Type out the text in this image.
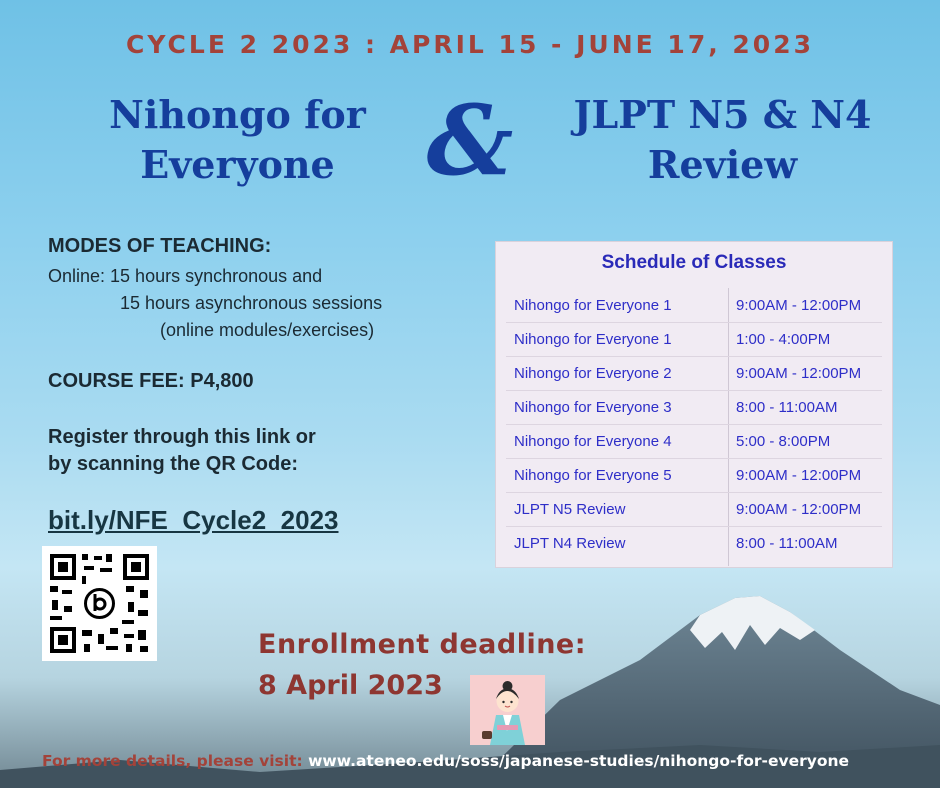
CYCLE 2 2023 : APRIL 15 - JUNE 17, 2023
Nihongo for
Everyone &	JLPT N5 & N4
Review
MODES OF TEACHING:
Online: 15 hours synchronous and
15 hours asynchronous sessions
(online modules/exercises)
COURSE FEE: P4,800
Register through this link or
by scanning the QR Code:
bit.ly/NFE_Cycle2_2023
Schedule of Classes
Nihongo for Everyone 1	9:00AM - 12:00PM
Nihongo for Everyone 1	1:00 - 4:00PM
Nihongo for Everyone 2	9:00AM - 12:00PM
Nihongo for Everyone 3	8:00 - 11:00AM
Nihongo for Everyone 4	5:00 - 8:00PM
Nihongo for Everyone 5	9:00AM - 12:00PM
JLPT N5 Review	9:00AM - 12:00PM
JLPT N4 Review	8:00 - 11:00AM
Enrollment deadline:
8 April 2023
For more details, please visit: www.ateneo.edu/soss/japanese-studies/nihongo-for-everyone
